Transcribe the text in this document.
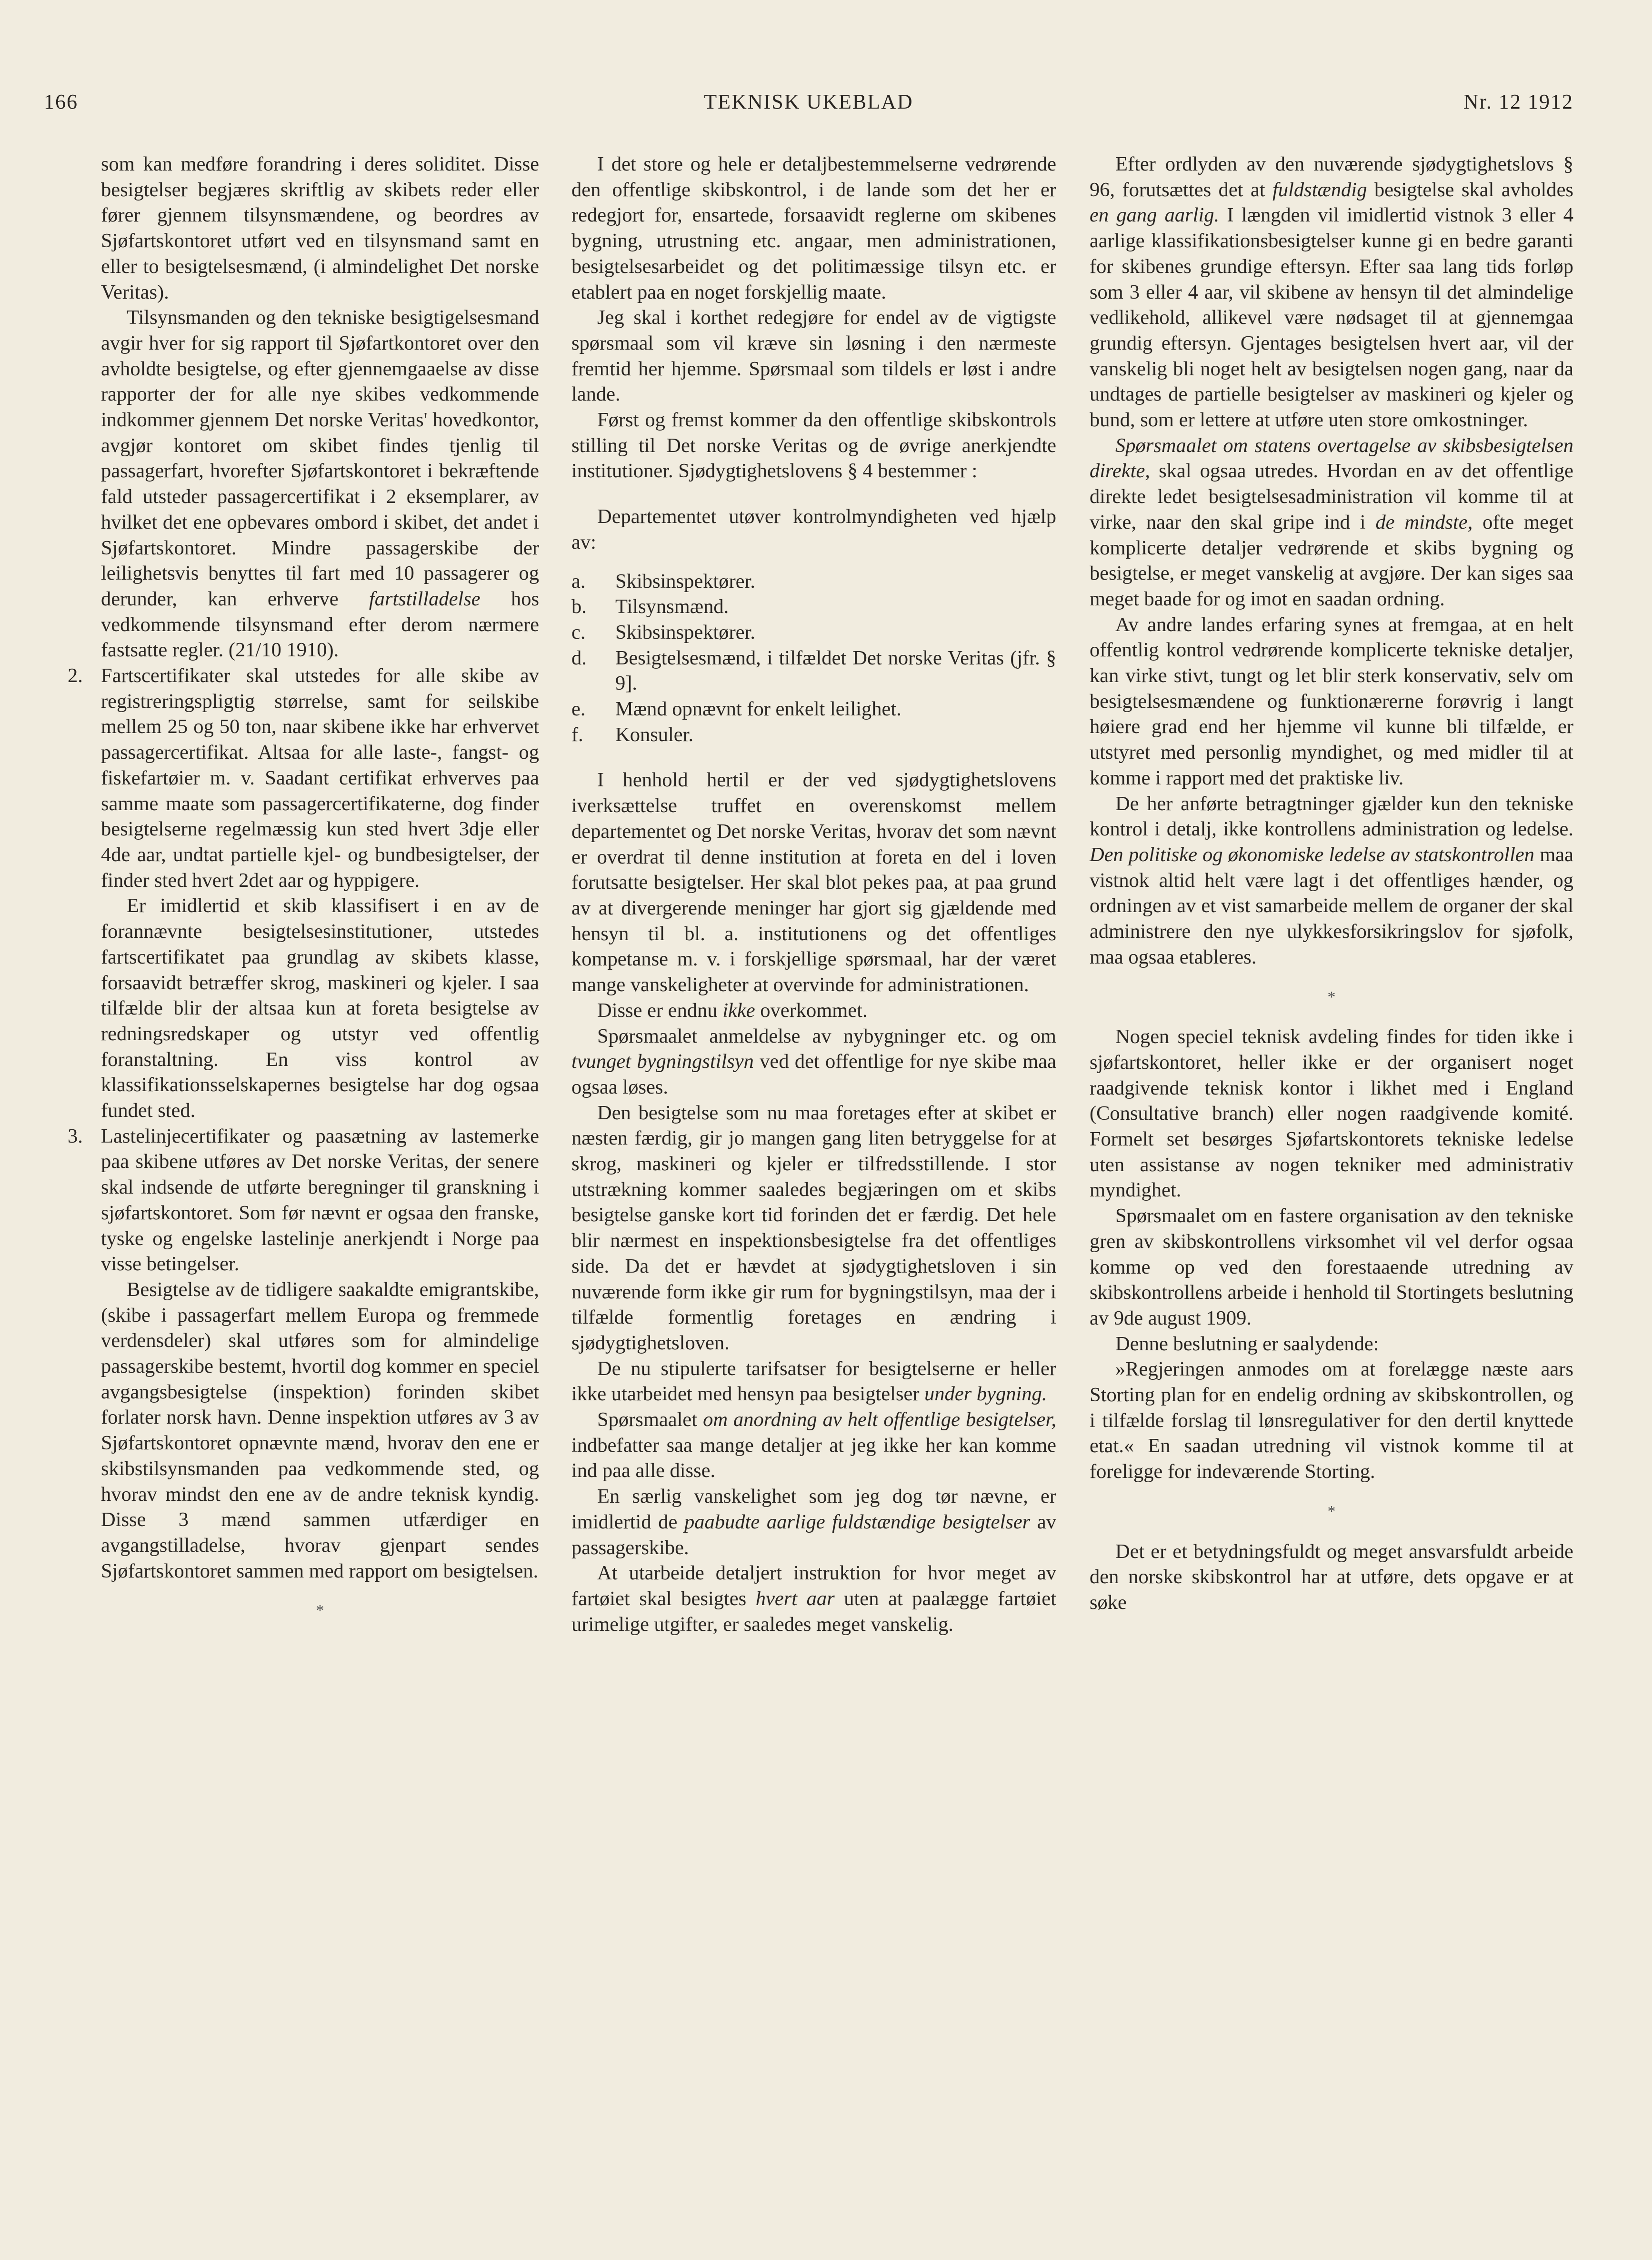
166	TEKNISK UKEBLAD	Nr. 12 1912

som kan medføre forandring i deres soliditet. Disse besigtelser begjæres skriftlig av skibets reder eller fører gjennem tilsynsmændene, og beordres av Sjøfartskontoret utført ved en tilsynsmand samt en eller to besigtelsesmænd, (i almindelighet Det norske Veritas).

Tilsynsmanden og den tekniske besigtigelsesmand avgir hver for sig rapport til Sjøfartkontoret over den avholdte besigtelse, og efter gjennemgaaelse av disse rapporter der for alle nye skibes vedkommende indkommer gjennem Det norske Veritas' hovedkontor, avgjør kontoret om skibet findes tjenlig til passagerfart, hvorefter Sjøfartskontoret i bekræftende fald utsteder passagercertifikat i 2 eksemplarer, av hvilket det ene opbevares ombord i skibet, det andet i Sjøfartskontoret. Mindre passagerskibe der leilighetsvis benyttes til fart med 10 passagerer og derunder, kan erhverve fartstilladelse hos vedkommende tilsynsmand efter derom nærmere fastsatte regler. (21/10 1910).

2. Fartscertifikater skal utstedes for alle skibe av registreringspligtig størrelse, samt for seilskibe mellem 25 og 50 ton, naar skibene ikke har erhvervet passagercertifikat. Altsaa for alle laste-, fangst- og fiskefartøier m. v. Saadant certifikat erhverves paa samme maate som passagercertifikaterne, dog finder besigtelserne regelmæssig kun sted hvert 3dje eller 4de aar, undtat partielle kjel- og bundbesigtelser, der finder sted hvert 2det aar og hyppigere.

Er imidlertid et skib klassifisert i en av de forannævnte besigtelsesinstitutioner, utstedes fartscertifikatet paa grundlag av skibets klasse, forsaavidt betræffer skrog, maskineri og kjeler. I saa tilfælde blir der altsaa kun at foreta besigtelse av redningsredskaper og utstyr ved offentlig foranstaltning. En viss kontrol av klassifikationsselskapernes besigtelse har dog ogsaa fundet sted.

3. Lastelinjecertifikater og paasætning av lastemerke paa skibene utføres av Det norske Veritas, der senere skal indsende de utførte beregninger til granskning i sjøfartskontoret. Som før nævnt er ogsaa den franske, tyske og engelske lastelinje anerkjendt i Norge paa visse betingelser.

Besigtelse av de tidligere saakaldte emigrantskibe, (skibe i passagerfart mellem Europa og fremmede verdensdeler) skal utføres som for almindelige passagerskibe bestemt, hvortil dog kommer en speciel avgangsbesigtelse (inspektion) forinden skibet forlater norsk havn. Denne inspektion utføres av 3 av Sjøfartskontoret opnævnte mænd, hvorav den ene er skibstilsynsmanden paa vedkommende sted, og hvorav mindst den ene av de andre teknisk kyndig. Disse 3 mænd sammen utfærdiger en avgangstilladelse, hvorav gjenpart sendes Sjøfartskontoret sammen med rapport om besigtelsen.

*

I det store og hele er detaljbestemmelserne vedrørende den offentlige skibskontrol, i de lande som det her er redegjort for, ensartede, forsaavidt reglerne om skibenes bygning, utrustning etc. angaar, men administrationen, besigtelsesarbeidet og det politimæssige tilsyn etc. er etablert paa en noget forskjellig maate.

Jeg skal i korthet redegjøre for endel av de vigtigste spørsmaal som vil kræve sin løsning i den nærmeste fremtid her hjemme. Spørsmaal som tildels er løst i andre lande.

Først og fremst kommer da den offentlige skibskontrols stilling til Det norske Veritas og de øvrige anerkjendte institutioner. Sjødygtighetslovens § 4 bestemmer :

Departementet utøver kontrolmyndigheten ved hjælp av:

a.	Skibsinspektører.
b.	Tilsynsmænd.
c.	Skibsinspektører.
d.	Besigtelsesmænd, i tilfældet Det norske Veritas (jfr. § 9].
e.	Mænd opnævnt for enkelt leilighet.
f.	Konsuler.

I henhold hertil er der ved sjødygtighetslovens iverksættelse truffet en overenskomst mellem departementet og Det norske Veritas, hvorav det som nævnt er overdrat til denne institution at foreta en del i loven forutsatte besigtelser. Her skal blot pekes paa, at paa grund av at divergerende meninger har gjort sig gjældende med hensyn til bl. a. institutionens og det offentliges kompetanse m. v. i forskjellige spørsmaal, har der været mange vanskeligheter at overvinde for administrationen.

Disse er endnu ikke overkommet.

Spørsmaalet anmeldelse av nybygninger etc. og om tvunget bygningstilsyn ved det offentlige for nye skibe maa ogsaa løses.

Den besigtelse som nu maa foretages efter at skibet er næsten færdig, gir jo mangen gang liten betryggelse for at skrog, maskineri og kjeler er tilfredsstillende. I stor utstrækning kommer saaledes begjæringen om et skibs besigtelse ganske kort tid forinden det er færdig. Det hele blir nærmest en inspektionsbesigtelse fra det offentliges side. Da det er hævdet at sjødygtighetsloven i sin nuværende form ikke gir rum for bygningstilsyn, maa der i tilfælde formentlig foretages en ændring i sjødygtighetsloven.

De nu stipulerte tarifsatser for besigtelserne er heller ikke utarbeidet med hensyn paa besigtelser under bygning.

Spørsmaalet om anordning av helt offentlige besigtelser, indbefatter saa mange detaljer at jeg ikke her kan komme ind paa alle disse.

En særlig vanskelighet som jeg dog tør nævne, er imidlertid de paabudte aarlige fuldstændige besigtelser av passagerskibe.

At utarbeide detaljert instruktion for hvor meget av fartøiet skal besigtes hvert aar uten at paalægge fartøiet urimelige utgifter, er saaledes meget vanskelig.

Efter ordlyden av den nuværende sjødygtighetslovs § 96, forutsættes det at fuldstændig besigtelse skal avholdes en gang aarlig. I længden vil imidlertid vistnok 3 eller 4 aarlige klassifikationsbesigtelser kunne gi en bedre garanti for skibenes grundige eftersyn. Efter saa lang tids forløp som 3 eller 4 aar, vil skibene av hensyn til det almindelige vedlikehold, allikevel være nødsaget til at gjennemgaa grundig eftersyn. Gjentages besigtelsen hvert aar, vil der vanskelig bli noget helt av besigtelsen nogen gang, naar da undtages de partielle besigtelser av maskineri og kjeler og bund, som er lettere at utføre uten store omkostninger.

Spørsmaalet om statens overtagelse av skibsbesigtelsen direkte, skal ogsaa utredes. Hvordan en av det offentlige direkte ledet besigtelsesadministration vil komme til at virke, naar den skal gripe ind i de mindste, ofte meget komplicerte detaljer vedrørende et skibs bygning og besigtelse, er meget vanskelig at avgjøre. Der kan siges saa meget baade for og imot en saadan ordning.

Av andre landes erfaring synes at fremgaa, at en helt offentlig kontrol vedrørende komplicerte tekniske detaljer, kan virke stivt, tungt og let blir sterk konservativ, selv om besigtelsesmændene og funktionærerne forøvrig i langt høiere grad end her hjemme vil kunne bli tilfælde, er utstyret med personlig myndighet, og med midler til at komme i rapport med det praktiske liv.

De her anførte betragtninger gjælder kun den tekniske kontrol i detalj, ikke kontrollens administration og ledelse. Den politiske og økonomiske ledelse av statskontrollen maa vistnok altid helt være lagt i det offentliges hænder, og ordningen av et vist samarbeide mellem de organer der skal administrere den nye ulykkesforsikringslov for sjøfolk, maa ogsaa etableres.

*

Nogen speciel teknisk avdeling findes for tiden ikke i sjøfartskontoret, heller ikke er der organisert noget raadgivende teknisk kontor i likhet med i England (Consultative branch) eller nogen raadgivende komité. Formelt set besørges Sjøfartskontorets tekniske ledelse uten assistanse av nogen tekniker med administrativ myndighet.

Spørsmaalet om en fastere organisation av den tekniske gren av skibskontrollens virksomhet vil vel derfor ogsaa komme op ved den forestaaende utredning av skibskontrollens arbeide i henhold til Stortingets beslutning av 9de august 1909.

Denne beslutning er saalydende:

»Regjeringen anmodes om at forelægge næste aars Storting plan for en endelig ordning av skibskontrollen, og i tilfælde forslag til lønsregulativer for den dertil knyttede etat.« En saadan utredning vil vistnok komme til at foreligge for indeværende Storting.

*

Det er et betydningsfuldt og meget ansvarsfuldt arbeide den norske skibskontrol har at utføre, dets opgave er at søke
